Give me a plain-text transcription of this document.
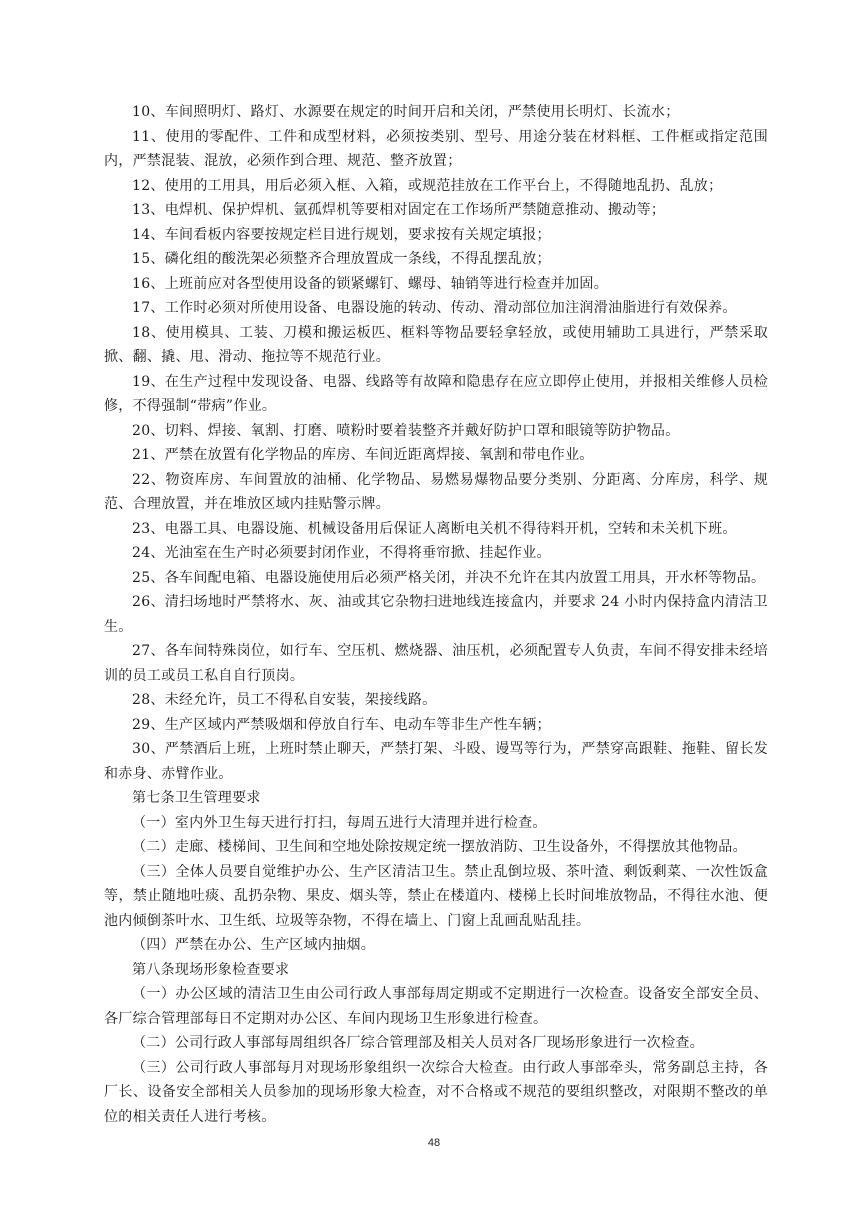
10、车间照明灯、路灯、水源要在规定的时间开启和关闭，严禁使用长明灯、长流水；

11、使用的零配件、工件和成型材料，必须按类别、型号、用途分装在材料框、工件框或指定范围内，严禁混装、混放，必须作到合理、规范、整齐放置；

12、使用的工用具，用后必须入框、入箱，或规范挂放在工作平台上，不得随地乱扔、乱放；

13、电焊机、保护焊机、氩孤焊机等要相对固定在工作场所严禁随意推动、搬动等；

14、车间看板内容要按规定栏目进行规划，要求按有关规定填报；

15、磷化组的酸洗架必须整齐合理放置成一条线，不得乱摆乱放；

16、上班前应对各型使用设备的锁紧螺钉、螺母、轴销等进行检查并加固。

17、工作时必须对所使用设备、电器设施的转动、传动、滑动部位加注润滑油脂进行有效保养。

18、使用模具、工装、刀模和搬运板匹、框料等物品要轻拿轻放，或使用辅助工具进行，严禁采取掀、翻、撬、甩、滑动、拖拉等不规范行业。

19、在生产过程中发现设备、电器、线路等有故障和隐患存在应立即停止使用，并报相关维修人员检修，不得强制“带病”作业。

20、切料、焊接、氧割、打磨、喷粉时要着装整齐并戴好防护口罩和眼镜等防护物品。

21、严禁在放置有化学物品的库房、车间近距离焊接、氧割和带电作业。

22、物资库房、车间置放的油桶、化学物品、易燃易爆物品要分类别、分距离、分库房，科学、规范、合理放置，并在堆放区域内挂贴警示牌。

23、电器工具、电器设施、机械设备用后保证人离断电关机不得待料开机，空转和未关机下班。

24、光油室在生产时必须要封闭作业，不得将垂帘掀、挂起作业。

25、各车间配电箱、电器设施使用后必须严格关闭，并决不允许在其内放置工用具，开水杯等物品。

26、清扫场地时严禁将水、灰、油或其它杂物扫进地线连接盒内，并要求 24 小时内保持盒内清洁卫生。

27、各车间特殊岗位，如行车、空压机、燃烧器、油压机，必须配置专人负责，车间不得安排未经培训的员工或员工私自自行顶岗。

28、未经允许，员工不得私自安装，架接线路。

29、生产区域内严禁吸烟和停放自行车、电动车等非生产性车辆；

30、严禁酒后上班，上班时禁止聊天，严禁打架、斗殴、谩骂等行为，严禁穿高跟鞋、拖鞋、留长发和赤身、赤臂作业。

第七条卫生管理要求

（一）室内外卫生每天进行打扫，每周五进行大清理并进行检查。

（二）走廊、楼梯间、卫生间和空地处除按规定统一摆放消防、卫生设备外，不得摆放其他物品。

（三）全体人员要自觉维护办公、生产区清洁卫生。禁止乱倒垃圾、茶叶渣、剩饭剩菜、一次性饭盒等，禁止随地吐痰、乱扔杂物、果皮、烟头等，禁止在楼道内、楼梯上长时间堆放物品，不得往水池、便池内倾倒茶叶水、卫生纸、垃圾等杂物，不得在墙上、门窗上乱画乱贴乱挂。

（四）严禁在办公、生产区域内抽烟。

第八条现场形象检查要求

（一）办公区域的清洁卫生由公司行政人事部每周定期或不定期进行一次检查。设备安全部安全员、各厂综合管理部每日不定期对办公区、车间内现场卫生形象进行检查。

（二）公司行政人事部每周组织各厂综合管理部及相关人员对各厂现场形象进行一次检查。

（三）公司行政人事部每月对现场形象组织一次综合大检查。由行政人事部牵头，常务副总主持，各厂长、设备安全部相关人员参加的现场形象大检查，对不合格或不规范的要组织整改，对限期不整改的单位的相关责任人进行考核。

48
